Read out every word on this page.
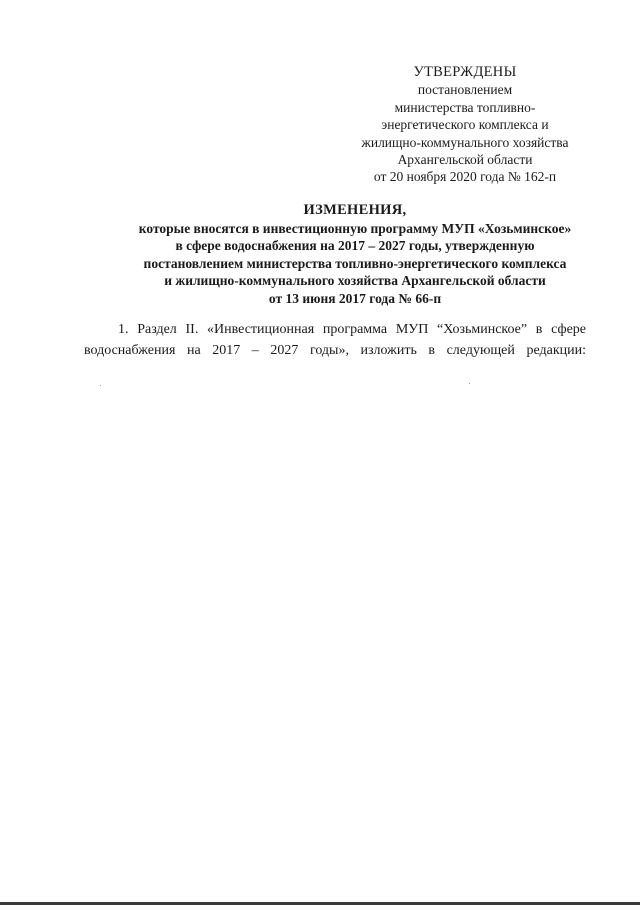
УТВЕРЖДЕНЫ
постановлением
министерства топливно-
энергетического комплекса и
жилищно-коммунального хозяйства
Архангельской области
от 20 ноября 2020 года № 162-п
ИЗМЕНЕНИЯ,
которые вносятся в инвестиционную программу МУП «Хозьминское»
в сфере водоснабжения на 2017 – 2027 годы, утвержденную
постановлением министерства топливно-энергетического комплекса
и жилищно-коммунального хозяйства Архангельской области
от 13 июня 2017 года № 66-п
1. Раздел II. «Инвестиционная программа МУП “Хозьминское” в сфере водоснабжения на 2017 – 2027 годы», изложить в следующей редакции:
